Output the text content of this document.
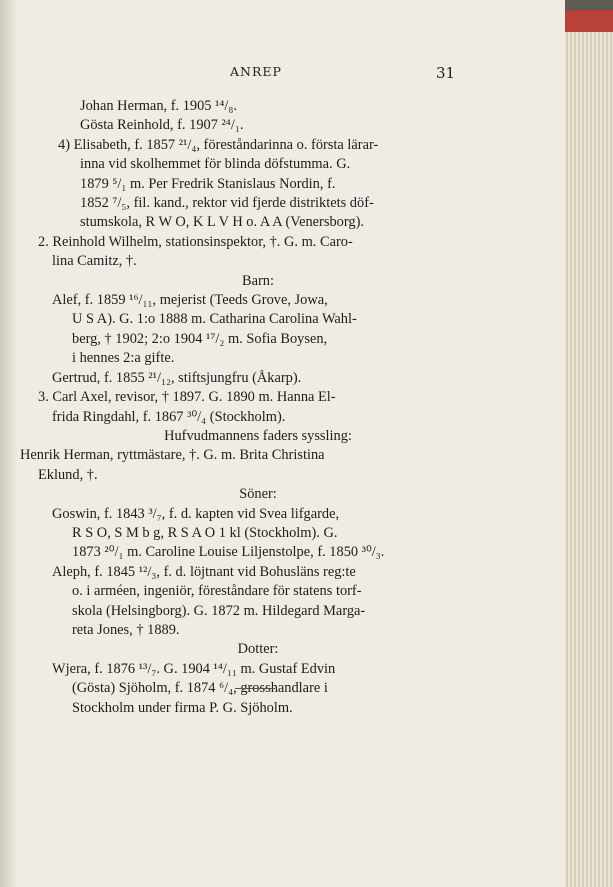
ANREP	31
Johan Herman, f. 1905 ¹⁴/₈.
Gösta Reinhold, f. 1907 ²⁴/₁.
4) Elisabeth, f. 1857 ²¹/₄, föreståndarinna o. första lärar-
inna vid skolhemmet för blinda döfstumma. G.
1879 ⁵/₁ m. Per Fredrik Stanislaus Nordin, f.
1852 ⁷/₅, fil. kand., rektor vid fjerde distriktets döf-
stumskola, R W O, K L V H o. A A (Venersborg).
2. Reinhold Wilhelm, stationsinspektor, †. G. m. Caro-
lina Camitz, †.
Barn:
Alef, f. 1859 ¹⁶/₁₁, mejerist (Teeds Grove, Jowa,
U S A). G. 1:o 1888 m. Catharina Carolina Wahl-
berg, † 1902; 2:o 1904 ¹⁷/₂ m. Sofia Boysen,
i hennes 2:a gifte.
Gertrud, f. 1855 ²¹/₁₂, stiftsjungfru (Åkarp).
3. Carl Axel, revisor, † 1897. G. 1890 m. Hanna El-
frida Ringdahl, f. 1867 ³⁰/₄ (Stockholm).
Hufvudmannens faders syssling:
Henrik Herman, ryttmästare, †. G. m. Brita Christina
Eklund, †.
Söner:
Goswin, f. 1843 ³/₇, f. d. kapten vid Svea lifgarde,
R S O, S M b g, R S A O 1 kl (Stockholm). G.
1873 ²⁰/₁ m. Caroline Louise Liljenstolpe, f. 1850 ³⁰/₃.
Aleph, f. 1845 ¹²/₃, f. d. löjtnant vid Bohusläns reg:te
o. i arméen, ingeniör, föreståndare för statens torf-
skola (Helsingborg). G. 1872 m. Hildegard Marga-
reta Jones, † 1889.
Dotter:
Wjera, f. 1876 ¹³/₇. G. 1904 ¹⁴/₁₁ m. Gustaf Edvin
(Gösta) Sjöholm, f. 1874 ⁶/₄, grosshandlare i
Stockholm under firma P. G. Sjöholm.
